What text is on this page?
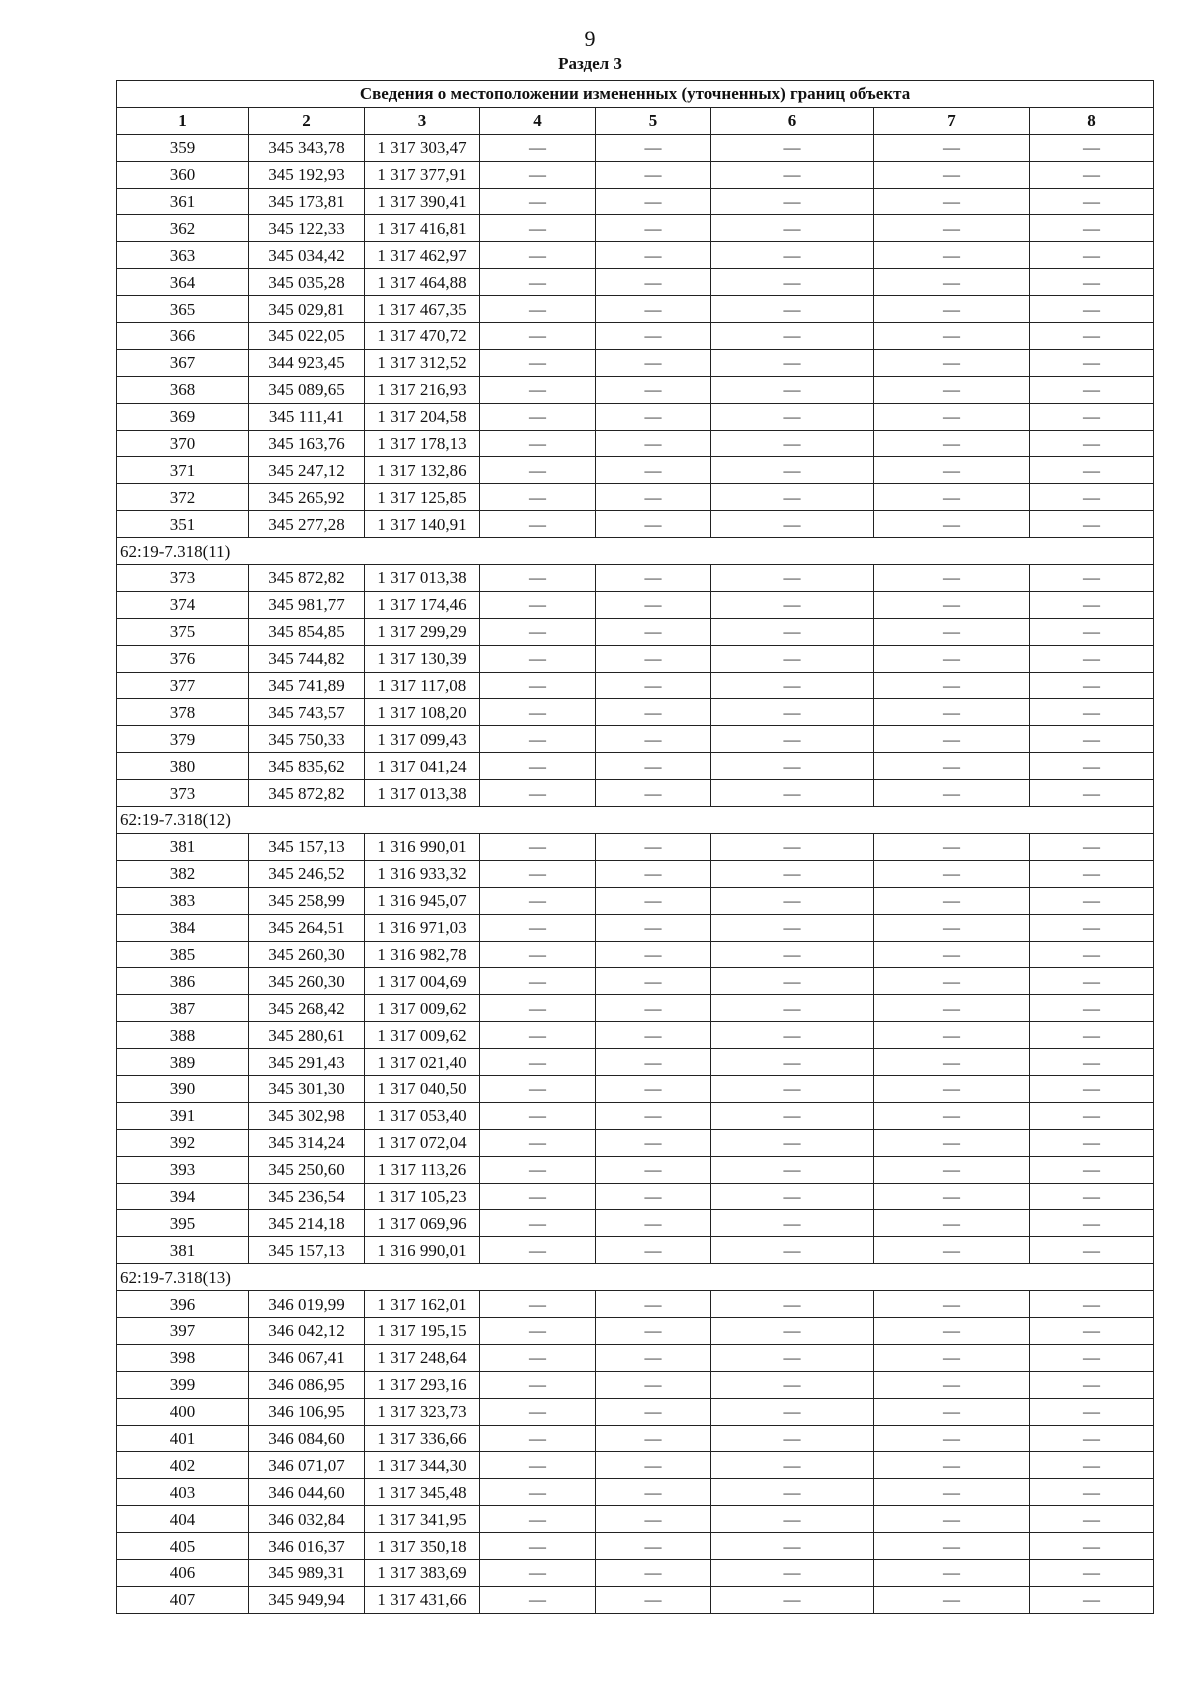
9
Раздел 3
Сведения о местоположении измененных (уточненных) границ объекта							
1	2	3	4	5	6	7	8
359	345 343,78	1 317 303,47	—	—	—	—	—
360	345 192,93	1 317 377,91	—	—	—	—	—
361	345 173,81	1 317 390,41	—	—	—	—	—
362	345 122,33	1 317 416,81	—	—	—	—	—
363	345 034,42	1 317 462,97	—	—	—	—	—
364	345 035,28	1 317 464,88	—	—	—	—	—
365	345 029,81	1 317 467,35	—	—	—	—	—
366	345 022,05	1 317 470,72	—	—	—	—	—
367	344 923,45	1 317 312,52	—	—	—	—	—
368	345 089,65	1 317 216,93	—	—	—	—	—
369	345 111,41	1 317 204,58	—	—	—	—	—
370	345 163,76	1 317 178,13	—	—	—	—	—
371	345 247,12	1 317 132,86	—	—	—	—	—
372	345 265,92	1 317 125,85	—	—	—	—	—
351	345 277,28	1 317 140,91	—	—	—	—	—
62:19-7.318(11)							
373	345 872,82	1 317 013,38	—	—	—	—	—
374	345 981,77	1 317 174,46	—	—	—	—	—
375	345 854,85	1 317 299,29	—	—	—	—	—
376	345 744,82	1 317 130,39	—	—	—	—	—
377	345 741,89	1 317 117,08	—	—	—	—	—
378	345 743,57	1 317 108,20	—	—	—	—	—
379	345 750,33	1 317 099,43	—	—	—	—	—
380	345 835,62	1 317 041,24	—	—	—	—	—
373	345 872,82	1 317 013,38	—	—	—	—	—
62:19-7.318(12)							
381	345 157,13	1 316 990,01	—	—	—	—	—
382	345 246,52	1 316 933,32	—	—	—	—	—
383	345 258,99	1 316 945,07	—	—	—	—	—
384	345 264,51	1 316 971,03	—	—	—	—	—
385	345 260,30	1 316 982,78	—	—	—	—	—
386	345 260,30	1 317 004,69	—	—	—	—	—
387	345 268,42	1 317 009,62	—	—	—	—	—
388	345 280,61	1 317 009,62	—	—	—	—	—
389	345 291,43	1 317 021,40	—	—	—	—	—
390	345 301,30	1 317 040,50	—	—	—	—	—
391	345 302,98	1 317 053,40	—	—	—	—	—
392	345 314,24	1 317 072,04	—	—	—	—	—
393	345 250,60	1 317 113,26	—	—	—	—	—
394	345 236,54	1 317 105,23	—	—	—	—	—
395	345 214,18	1 317 069,96	—	—	—	—	—
381	345 157,13	1 316 990,01	—	—	—	—	—
62:19-7.318(13)							
396	346 019,99	1 317 162,01	—	—	—	—	—
397	346 042,12	1 317 195,15	—	—	—	—	—
398	346 067,41	1 317 248,64	—	—	—	—	—
399	346 086,95	1 317 293,16	—	—	—	—	—
400	346 106,95	1 317 323,73	—	—	—	—	—
401	346 084,60	1 317 336,66	—	—	—	—	—
402	346 071,07	1 317 344,30	—	—	—	—	—
403	346 044,60	1 317 345,48	—	—	—	—	—
404	346 032,84	1 317 341,95	—	—	—	—	—
405	346 016,37	1 317 350,18	—	—	—	—	—
406	345 989,31	1 317 383,69	—	—	—	—	—
407	345 949,94	1 317 431,66	—	—	—	—	—
